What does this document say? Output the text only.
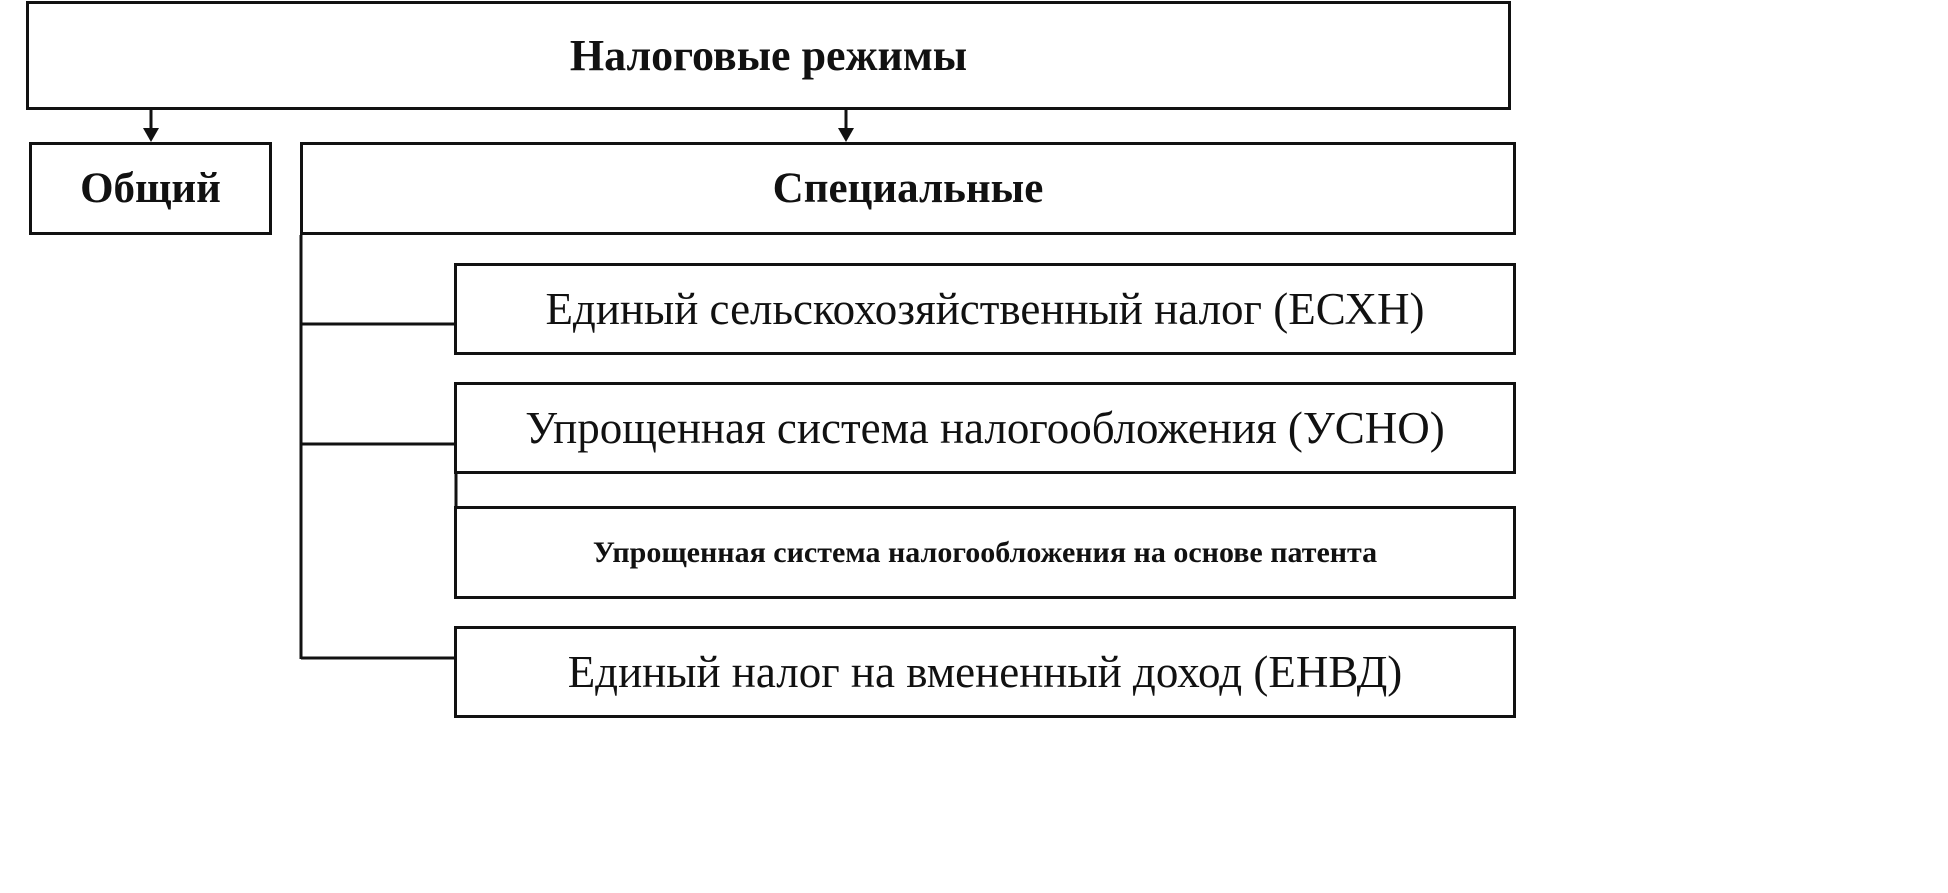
Налоговые режимы
Общий	Специальные
Единый сельскохозяйственный налог (ЕСХН)
Упрощенная система налогообложения (УСНО)
Упрощенная система налогообложения на основе патента
Единый налог на вмененный доход (ЕНВД)
